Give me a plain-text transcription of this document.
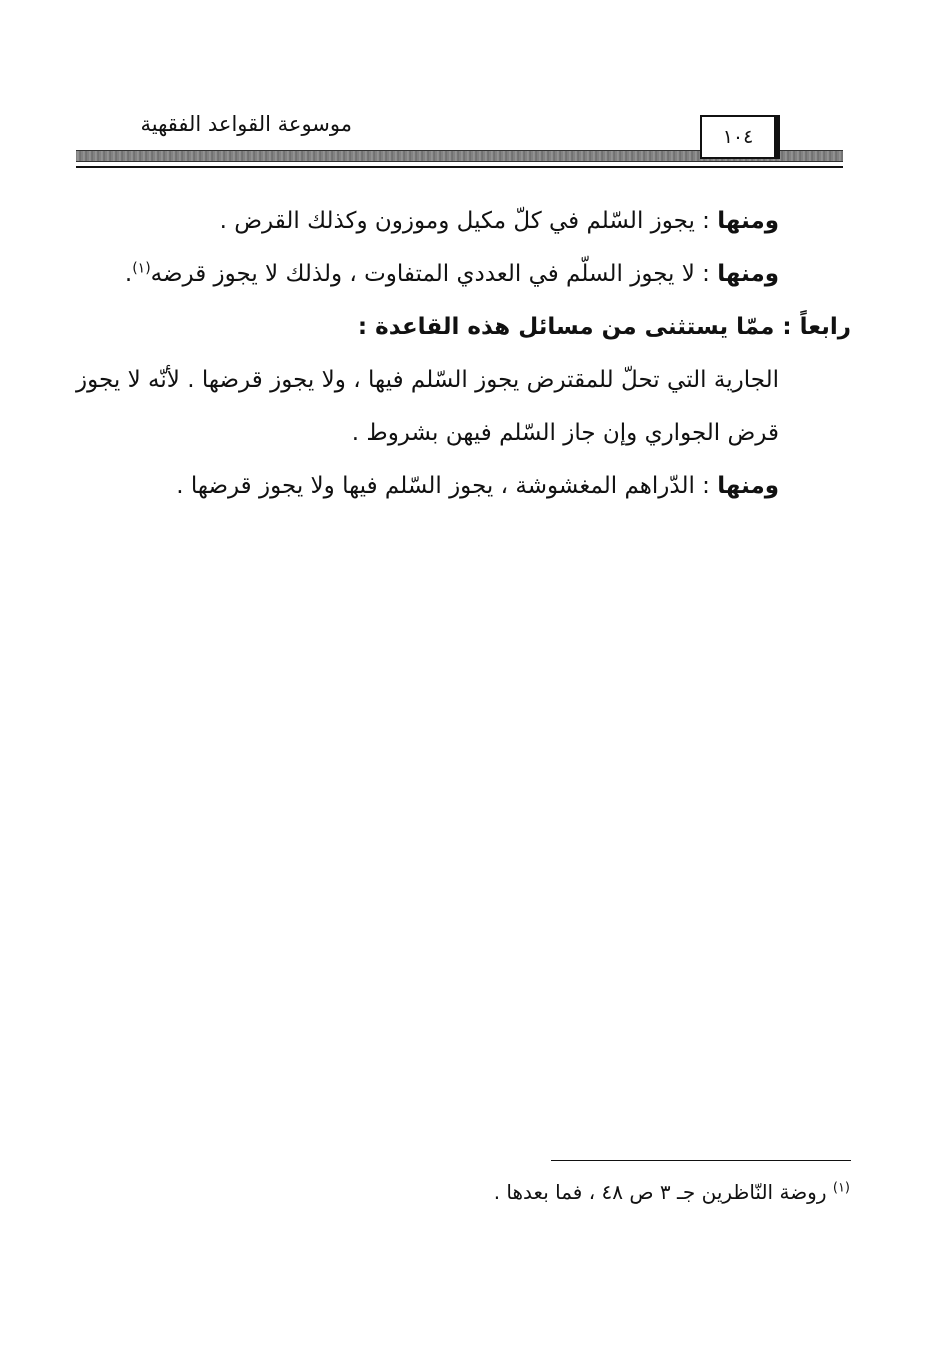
موسوعة القواعد الفقهية
١٠٤

ومنها : يجوز السّلم في كلّ مكيل وموزون وكذلك القرض .

ومنها : لا يجوز السلّم في العددي المتفاوت ، ولذلك لا يجوز قرضه$^{(١)}$.

رابعاً : ممّا يستثنى من مسائل هذه القاعدة :

الجارية التي تحلّ للمقترض يجوز السّلم فيها ، ولا يجوز قرضها . لأنّه لا يجوز قرض الجواري وإن جاز السّلم فيهن بشروط .

ومنها : الدّراهم المغشوشة ، يجوز السّلم فيها ولا يجوز قرضها .

$^{(١)}$ روضة النّاظرين جـ ٣ ص ٤٨ ، فما بعدها .
